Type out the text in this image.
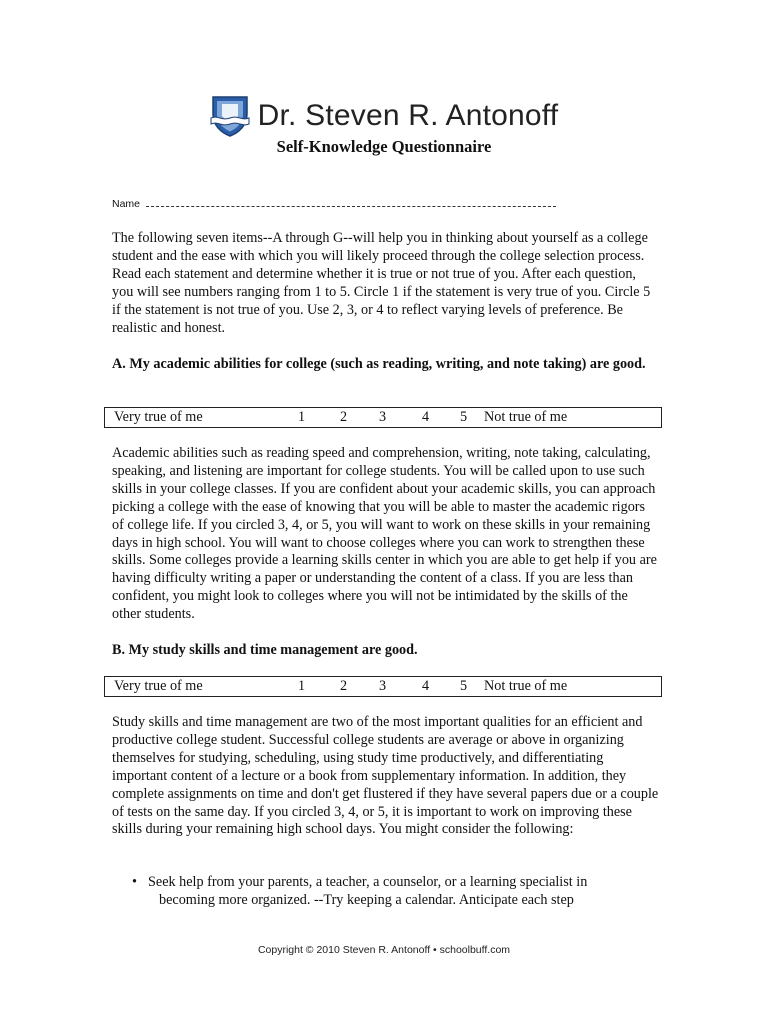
Dr. Steven R. Antonoff
Self-Knowledge Questionnaire
Name

The following seven items--A through G--will help you in thinking about yourself as a college student and the ease with which you will likely proceed through the college selection process. Read each statement and determine whether it is true or not true of you. After each question, you will see numbers ranging from 1 to 5. Circle 1 if the statement is very true of you. Circle 5 if the statement is not true of you. Use 2, 3, or 4 to reflect varying levels of preference. Be realistic and honest.

A. My academic abilities for college (such as reading, writing, and note taking) are good.

Very true of me	1 2 3	4 5 Not true of me

Academic abilities such as reading speed and comprehension, writing, note taking, calculating, speaking, and listening are important for college students. You will be called upon to use such skills in your college classes. If you are confident about your academic skills, you can approach picking a college with the ease of knowing that you will be able to master the academic rigors of college life. If you circled 3, 4, or 5, you will want to work on these skills in your remaining days in high school. You will want to choose colleges where you can work to strengthen these skills. Some colleges provide a learning skills center in which you are able to get help if you are having difficulty writing a paper or understanding the content of a class. If you are less than confident, you might look to colleges where you will not be intimidated by the skills of the other students.

B. My study skills and time management are good.

Very true of me	1 2 3	4 5 Not true of me

Study skills and time management are two of the most important qualities for an efficient and productive college student. Successful college students are average or above in organizing themselves for studying, scheduling, using study time productively, and differentiating important content of a lecture or a book from supplementary information. In addition, they complete assignments on time and don't get flustered if they have several papers due or a couple of tests on the same day. If you circled 3, 4, or 5, it is important to work on improving these skills during your remaining high school days. You might consider the following:

• Seek help from your parents, a teacher, a counselor, or a learning specialist in
becoming more organized. --Try keeping a calendar. Anticipate each step
Copyright © 2010 Steven R. Antonoff • schoolbuff.com
